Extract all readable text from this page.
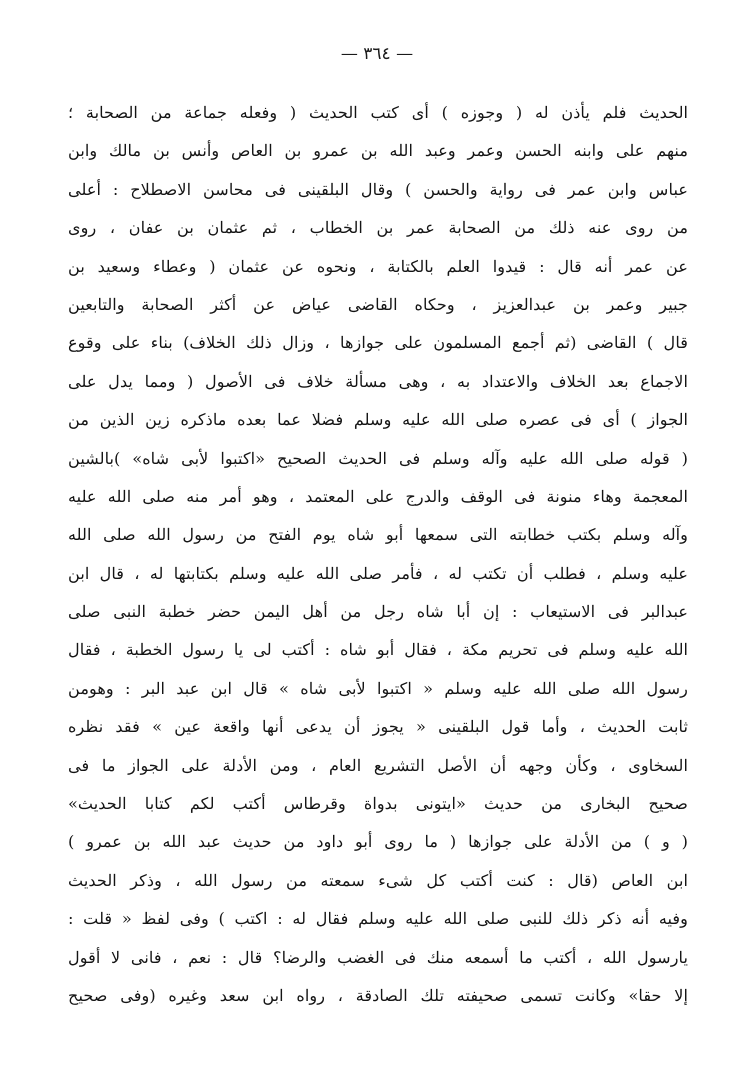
— ٣٦٤ —
الحديث فلم يأذن له ( وجوزه ) أى كتب الحديث ( وفعله جماعة من الصحابة ؛
منهم على وابنه الحسن وعمر وعبد الله بن عمرو بن العاص وأنس بن مالك وابن
عباس وابن عمر فى رواية والحسن ) وقال البلقينى فى محاسن الاصطلاح : أعلى
من روى عنه ذلك من الصحابة عمر بن الخطاب ، ثم عثمان بن عفان ، روى
عن عمر أنه قال : قيدوا العلم بالكتابة ، ونحوه عن عثمان ( وعطاء وسعيد بن
جبير وعمر بن عبدالعزيز ، وحكاه القاضى عياض عن أكثر الصحابة والتابعين
قال ) القاضى (ثم أجمع المسلمون على جوازها ، وزال ذلك الخلاف) بناء على وقوع
الاجماع بعد الخلاف والاعتداد به ، وهى مسألة خلاف فى الأصول ( ومما يدل على
الجواز ) أى فى عصره صلى الله عليه وسلم فضلا عما بعده ماذكره زين الذين من
( قوله صلى الله عليه وآله وسلم فى الحديث الصحيح «اكتبوا لأبى شاه» )بالشين
المعجمة وهاء منونة فى الوقف والدرج على المعتمد ، وهو أمر منه صلى الله عليه
وآله وسلم بكتب خطابته التى سمعها أبو شاه يوم الفتح من رسول الله صلى الله
عليه وسلم ، فطلب أن تكتب له ، فأمر صلى الله عليه وسلم بكتابتها له ، قال ابن
عبدالبر فى الاستيعاب : إن أبا شاه رجل من أهل اليمن حضر خطبة النبى صلى
الله عليه وسلم فى تحريم مكة ، فقال أبو شاه : أكتب لى يا رسول الخطبة ، فقال
رسول الله صلى الله عليه وسلم « اكتبوا لأبى شاه » قال ابن عبد البر : وهومن
ثابت الحديث ، وأما قول البلقينى « يجوز أن يدعى أنها واقعة عين » فقد نظره
السخاوى ، وكأن وجهه أن الأصل التشريع العام ، ومن الأدلة على الجواز ما فى
صحيح البخارى من حديث «ايتونى بدواة وقرطاس أكتب لكم كتابا الحديث»
( و ) من الأدلة على جوازها ( ما روى أبو داود من حديث عبد الله بن عمرو )
ابن العاص (قال : كنت أكتب كل شىء سمعته من رسول الله ، وذكر الحديث
وفيه أنه ذكر ذلك للنبى صلى الله عليه وسلم فقال له : اكتب ) وفى لفظ « قلت :
يارسول الله ، أكتب ما أسمعه منك فى الغضب والرضا؟ قال : نعم ، فانى لا أقول
إلا حقا» وكانت تسمى صحيفته تلك الصادقة ، رواه ابن سعد وغيره (وفى صحيح
